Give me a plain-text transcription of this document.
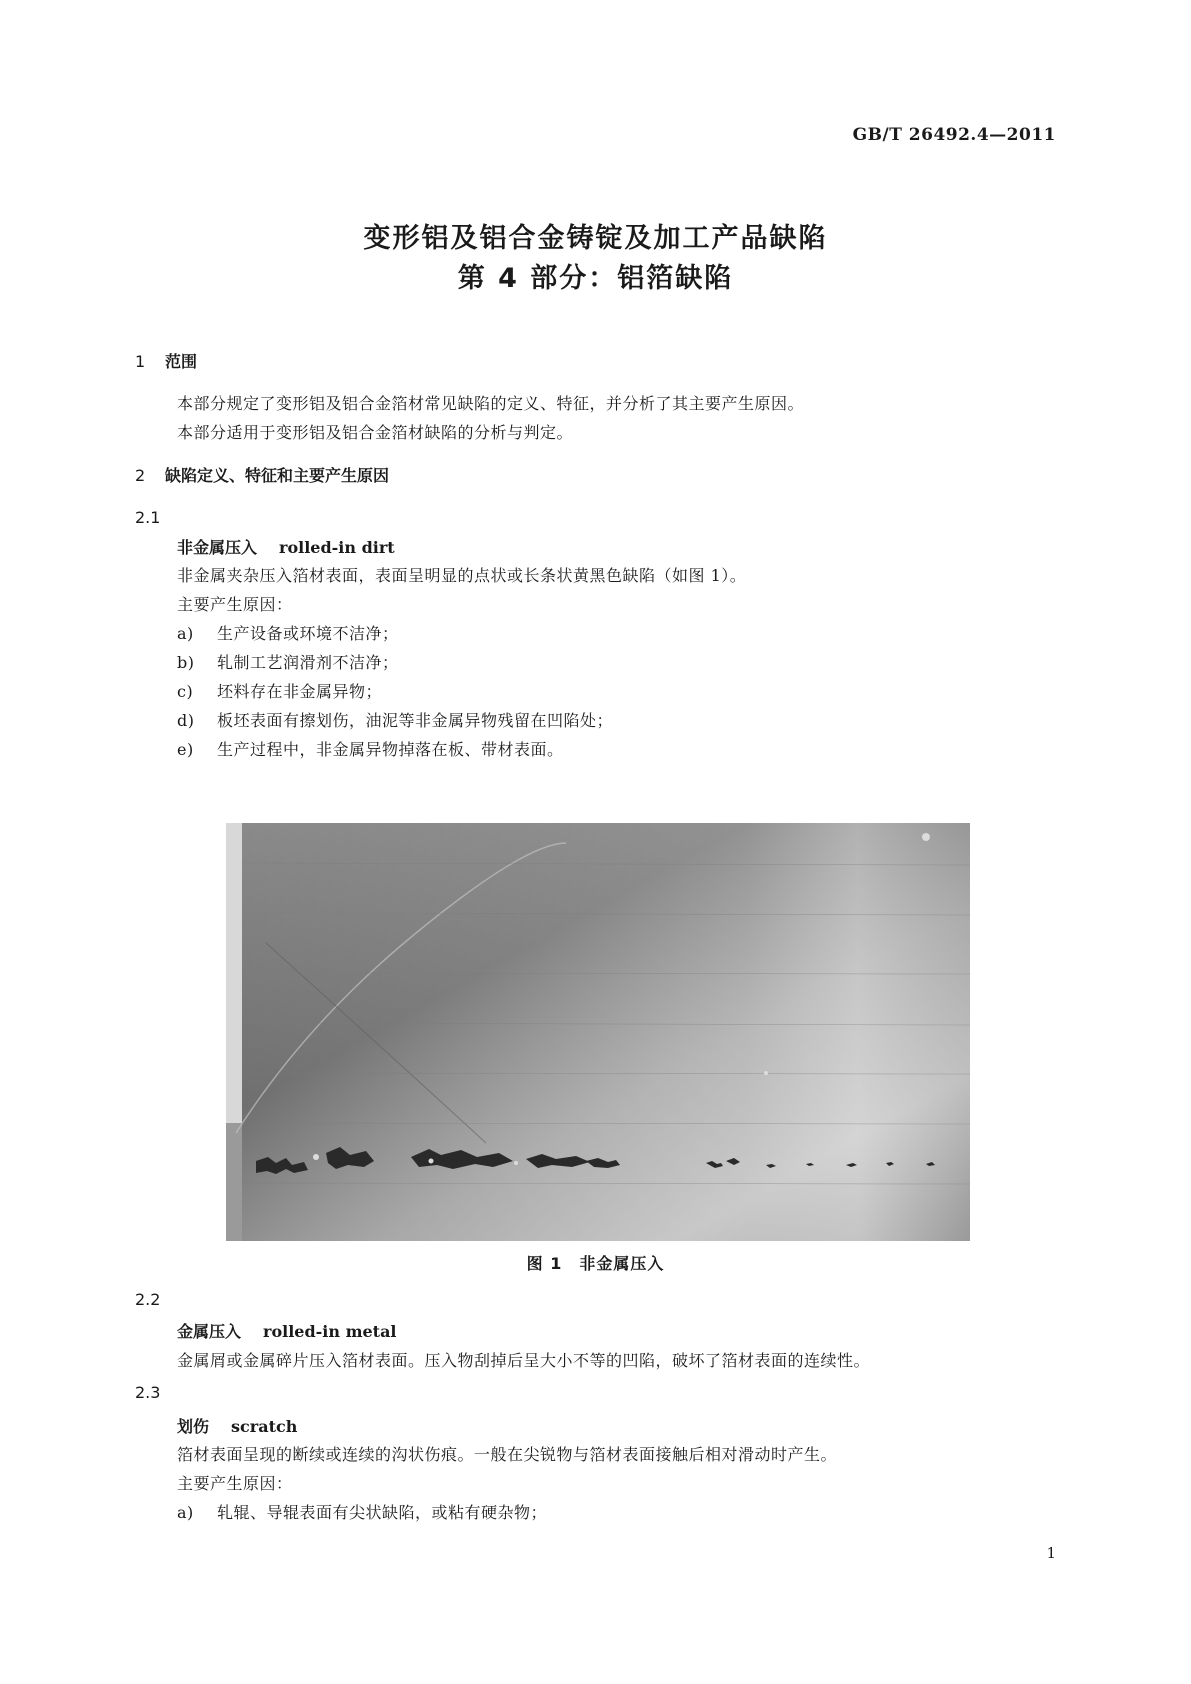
GB/T 26492.4—2011
变形铝及铝合金铸锭及加工产品缺陷
第 4 部分：铝箔缺陷
1 范围
本部分规定了变形铝及铝合金箔材常见缺陷的定义、特征，并分析了其主要产生原因。
本部分适用于变形铝及铝合金箔材缺陷的分析与判定。
2 缺陷定义、特征和主要产生原因
2.1
非金属压入 rolled-in dirt
非金属夹杂压入箔材表面，表面呈明显的点状或长条状黄黑色缺陷（如图 1）。
主要产生原因：
a) 生产设备或环境不洁净；
b) 轧制工艺润滑剂不洁净；
c) 坯料存在非金属异物；
d) 板坯表面有擦划伤，油泥等非金属异物残留在凹陷处；
e) 生产过程中，非金属异物掉落在板、带材表面。
图 1　非金属压入
2.2
金属压入 rolled-in metal
金属屑或金属碎片压入箔材表面。压入物刮掉后呈大小不等的凹陷，破坏了箔材表面的连续性。
2.3
划伤 scratch
箔材表面呈现的断续或连续的沟状伤痕。一般在尖锐物与箔材表面接触后相对滑动时产生。
主要产生原因：
a) 轧辊、导辊表面有尖状缺陷，或粘有硬杂物；
1
